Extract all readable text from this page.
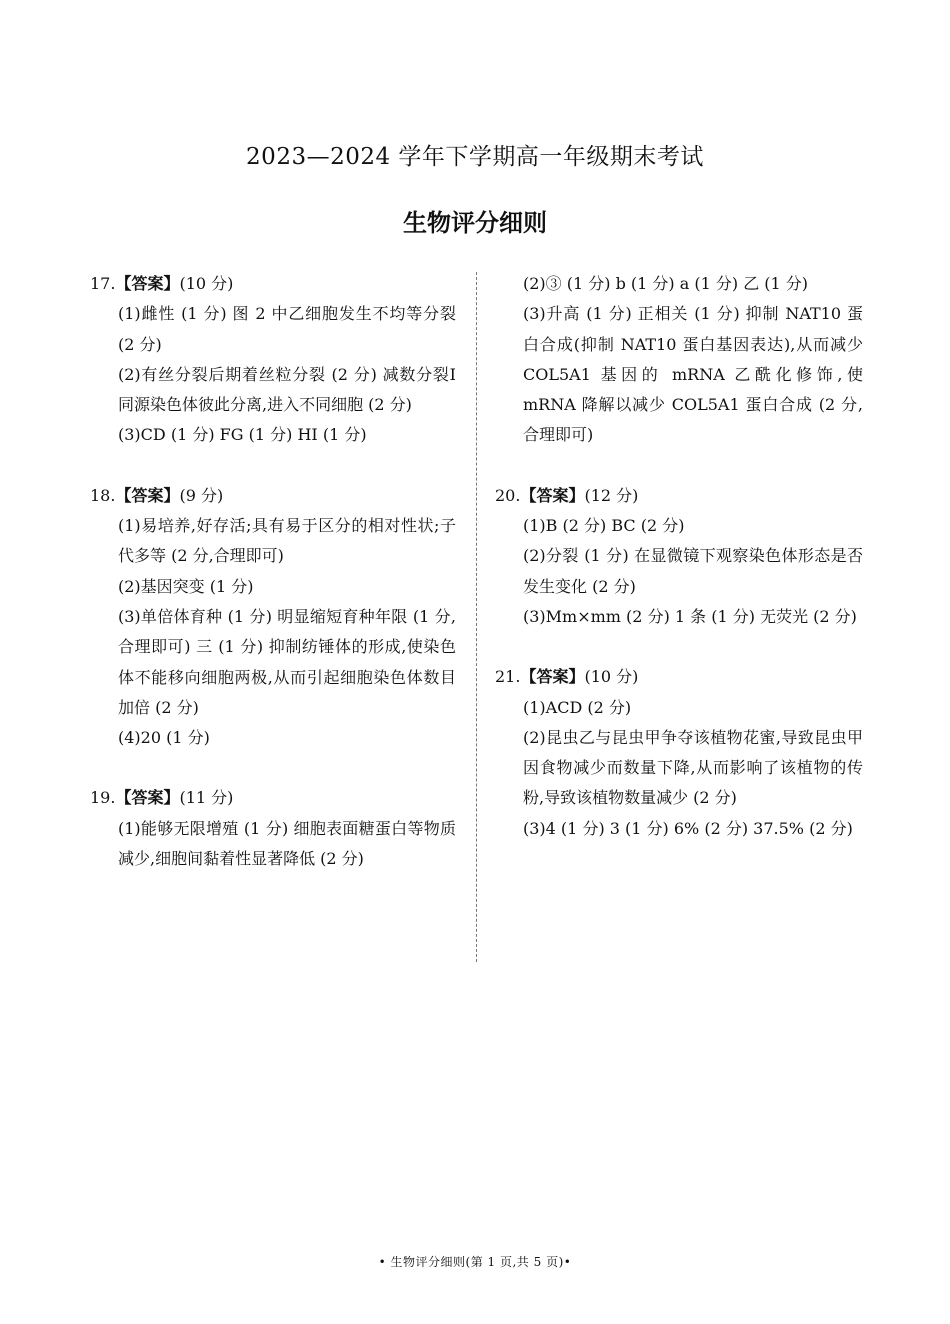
2023—2024 学年下学期高一年级期末考试
生物评分细则
17.【答案】(10 分)
(1)雌性 (1 分) 图 2 中乙细胞发生不均等分裂 (2 分)
(2)有丝分裂后期着丝粒分裂 (2 分) 减数分裂Ⅰ同源染色体彼此分离,进入不同细胞 (2 分)
(3)CD (1 分) FG (1 分) HI (1 分)
18.【答案】(9 分)
(1)易培养,好存活;具有易于区分的相对性状;子代多等 (2 分,合理即可)
(2)基因突变 (1 分)
(3)单倍体育种 (1 分) 明显缩短育种年限 (1 分,合理即可) 三 (1 分) 抑制纺锤体的形成,使染色体不能移向细胞两极,从而引起细胞染色体数目加倍 (2 分)
(4)20 (1 分)
19.【答案】(11 分)
(1)能够无限增殖 (1 分) 细胞表面糖蛋白等物质减少,细胞间黏着性显著降低 (2 分)
(2)③ (1 分) b (1 分) a (1 分) 乙 (1 分)
(3)升高 (1 分) 正相关 (1 分) 抑制 NAT10 蛋白合成(抑制 NAT10 蛋白基因表达),从而减少 COL5A1 基因的 mRNA 乙酰化修饰,使 mRNA 降解以减少 COL5A1 蛋白合成 (2 分,合理即可)
20.【答案】(12 分)
(1)B (2 分) BC (2 分)
(2)分裂 (1 分) 在显微镜下观察染色体形态是否发生变化 (2 分)
(3)Mm×mm (2 分) 1 条 (1 分) 无荧光 (2 分)
21.【答案】(10 分)
(1)ACD (2 分)
(2)昆虫乙与昆虫甲争夺该植物花蜜,导致昆虫甲因食物减少而数量下降,从而影响了该植物的传粉,导致该植物数量减少 (2 分)
(3)4 (1 分) 3 (1 分) 6% (2 分) 37.5% (2 分)
• 生物评分细则(第 1 页,共 5 页)•
